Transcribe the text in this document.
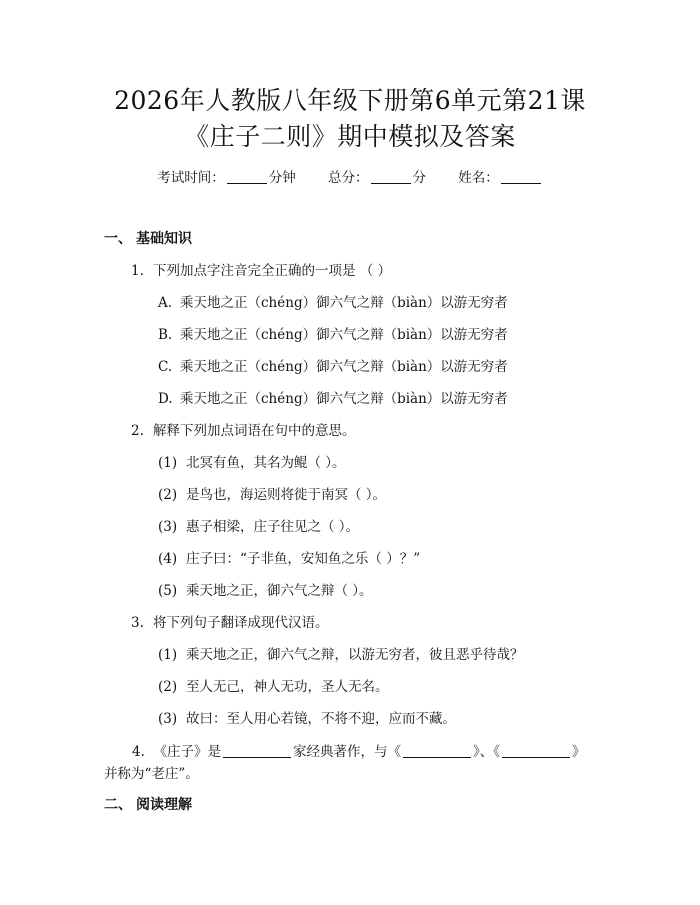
2026年人教版八年级下册第6单元第21课
《庄子二则》期中模拟及答案
考试时间：	分钟 总分：	分 姓名：
一、 基础知识
1. 下列加点字注音完全正确的一项是 （ ）
A. 乘天地之正（chéng）御六气之辩（biàn）以游无穷者
B. 乘天地之正（chéng）御六气之辩（biàn）以游无穷者
C. 乘天地之正（chéng）御六气之辩（biàn）以游无穷者
D. 乘天地之正（chéng）御六气之辩（biàn）以游无穷者
2. 解释下列加点词语在句中的意思。
(1) 北冥有鱼，其名为鲲（ ）。
(2) 是鸟也，海运则将徙于南冥（ ）。
(3) 惠子相梁，庄子往见之（ ）。
(4) 庄子曰：“子非鱼，安知鱼之乐（ ）？”
(5) 乘天地之正，御六气之辩（ ）。
3. 将下列句子翻译成现代汉语。
(1) 乘天地之正，御六气之辩，以游无穷者，彼且恶乎待哉？
(2) 至人无己，神人无功，圣人无名。
(3) 故曰：至人用心若镜，不将不迎，应而不藏。
4. 《庄子》是	家经典著作，与《	》、《	》
并称为“老庄”。
二、 阅读理解
